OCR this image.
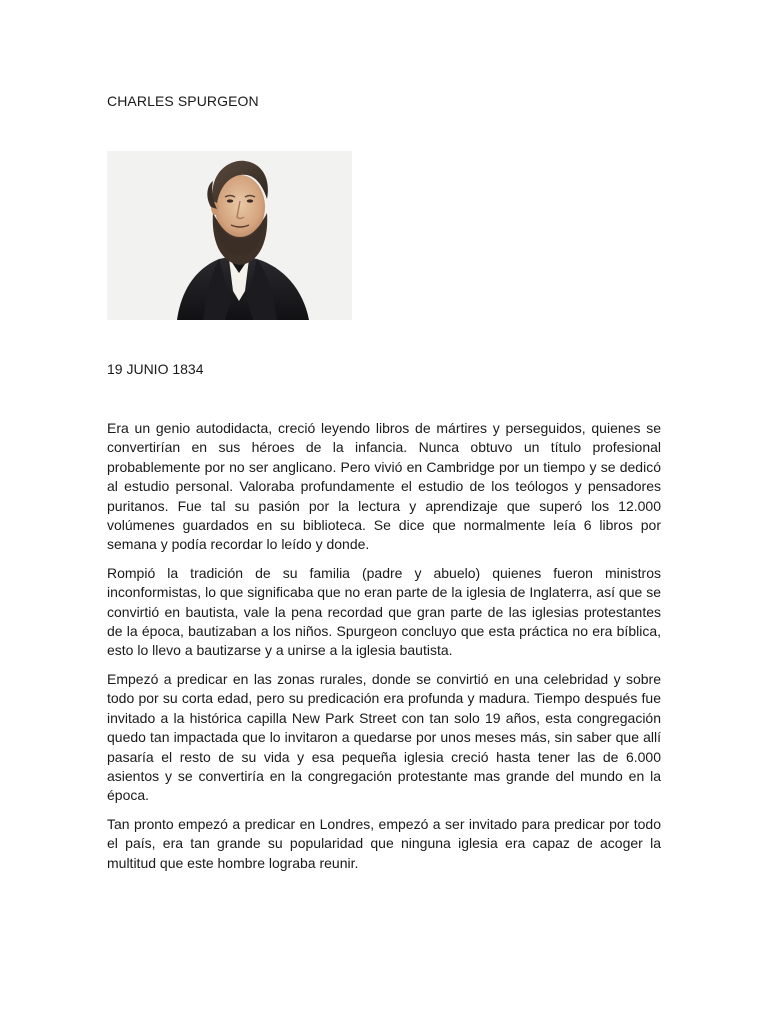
CHARLES SPURGEON
19 JUNIO 1834

Era un genio autodidacta, creció leyendo libros de mártires y perseguidos, quienes se convertirían en sus héroes de la infancia. Nunca obtuvo un título profesional probablemente por no ser anglicano. Pero vivió en Cambridge por un tiempo y se dedicó al estudio personal. Valoraba profundamente el estudio de los teólogos y pensadores puritanos. Fue tal su pasión por la lectura y aprendizaje que superó los 12.000 volúmenes guardados en su biblioteca. Se dice que normalmente leía 6 libros por semana y podía recordar lo leído y donde.

Rompió la tradición de su familia (padre y abuelo) quienes fueron ministros inconformistas, lo que significaba que no eran parte de la iglesia de Inglaterra, así que se convirtió en bautista, vale la pena recordad que gran parte de las iglesias protestantes de la época, bautizaban a los niños. Spurgeon concluyo que esta práctica no era bíblica, esto lo llevo a bautizarse y a unirse a la iglesia bautista.

Empezó a predicar en las zonas rurales, donde se convirtió en una celebridad y sobre todo por su corta edad, pero su predicación era profunda y madura. Tiempo después fue invitado a la histórica capilla New Park Street con tan solo 19 años, esta congregación quedo tan impactada que lo invitaron a quedarse por unos meses más, sin saber que allí pasaría el resto de su vida y esa pequeña iglesia creció hasta tener las de 6.000 asientos y se convertiría en la congregación protestante mas grande del mundo en la época.

Tan pronto empezó a predicar en Londres, empezó a ser invitado para predicar por todo el país, era tan grande su popularidad que ninguna iglesia era capaz de acoger la multitud que este hombre lograba reunir.
